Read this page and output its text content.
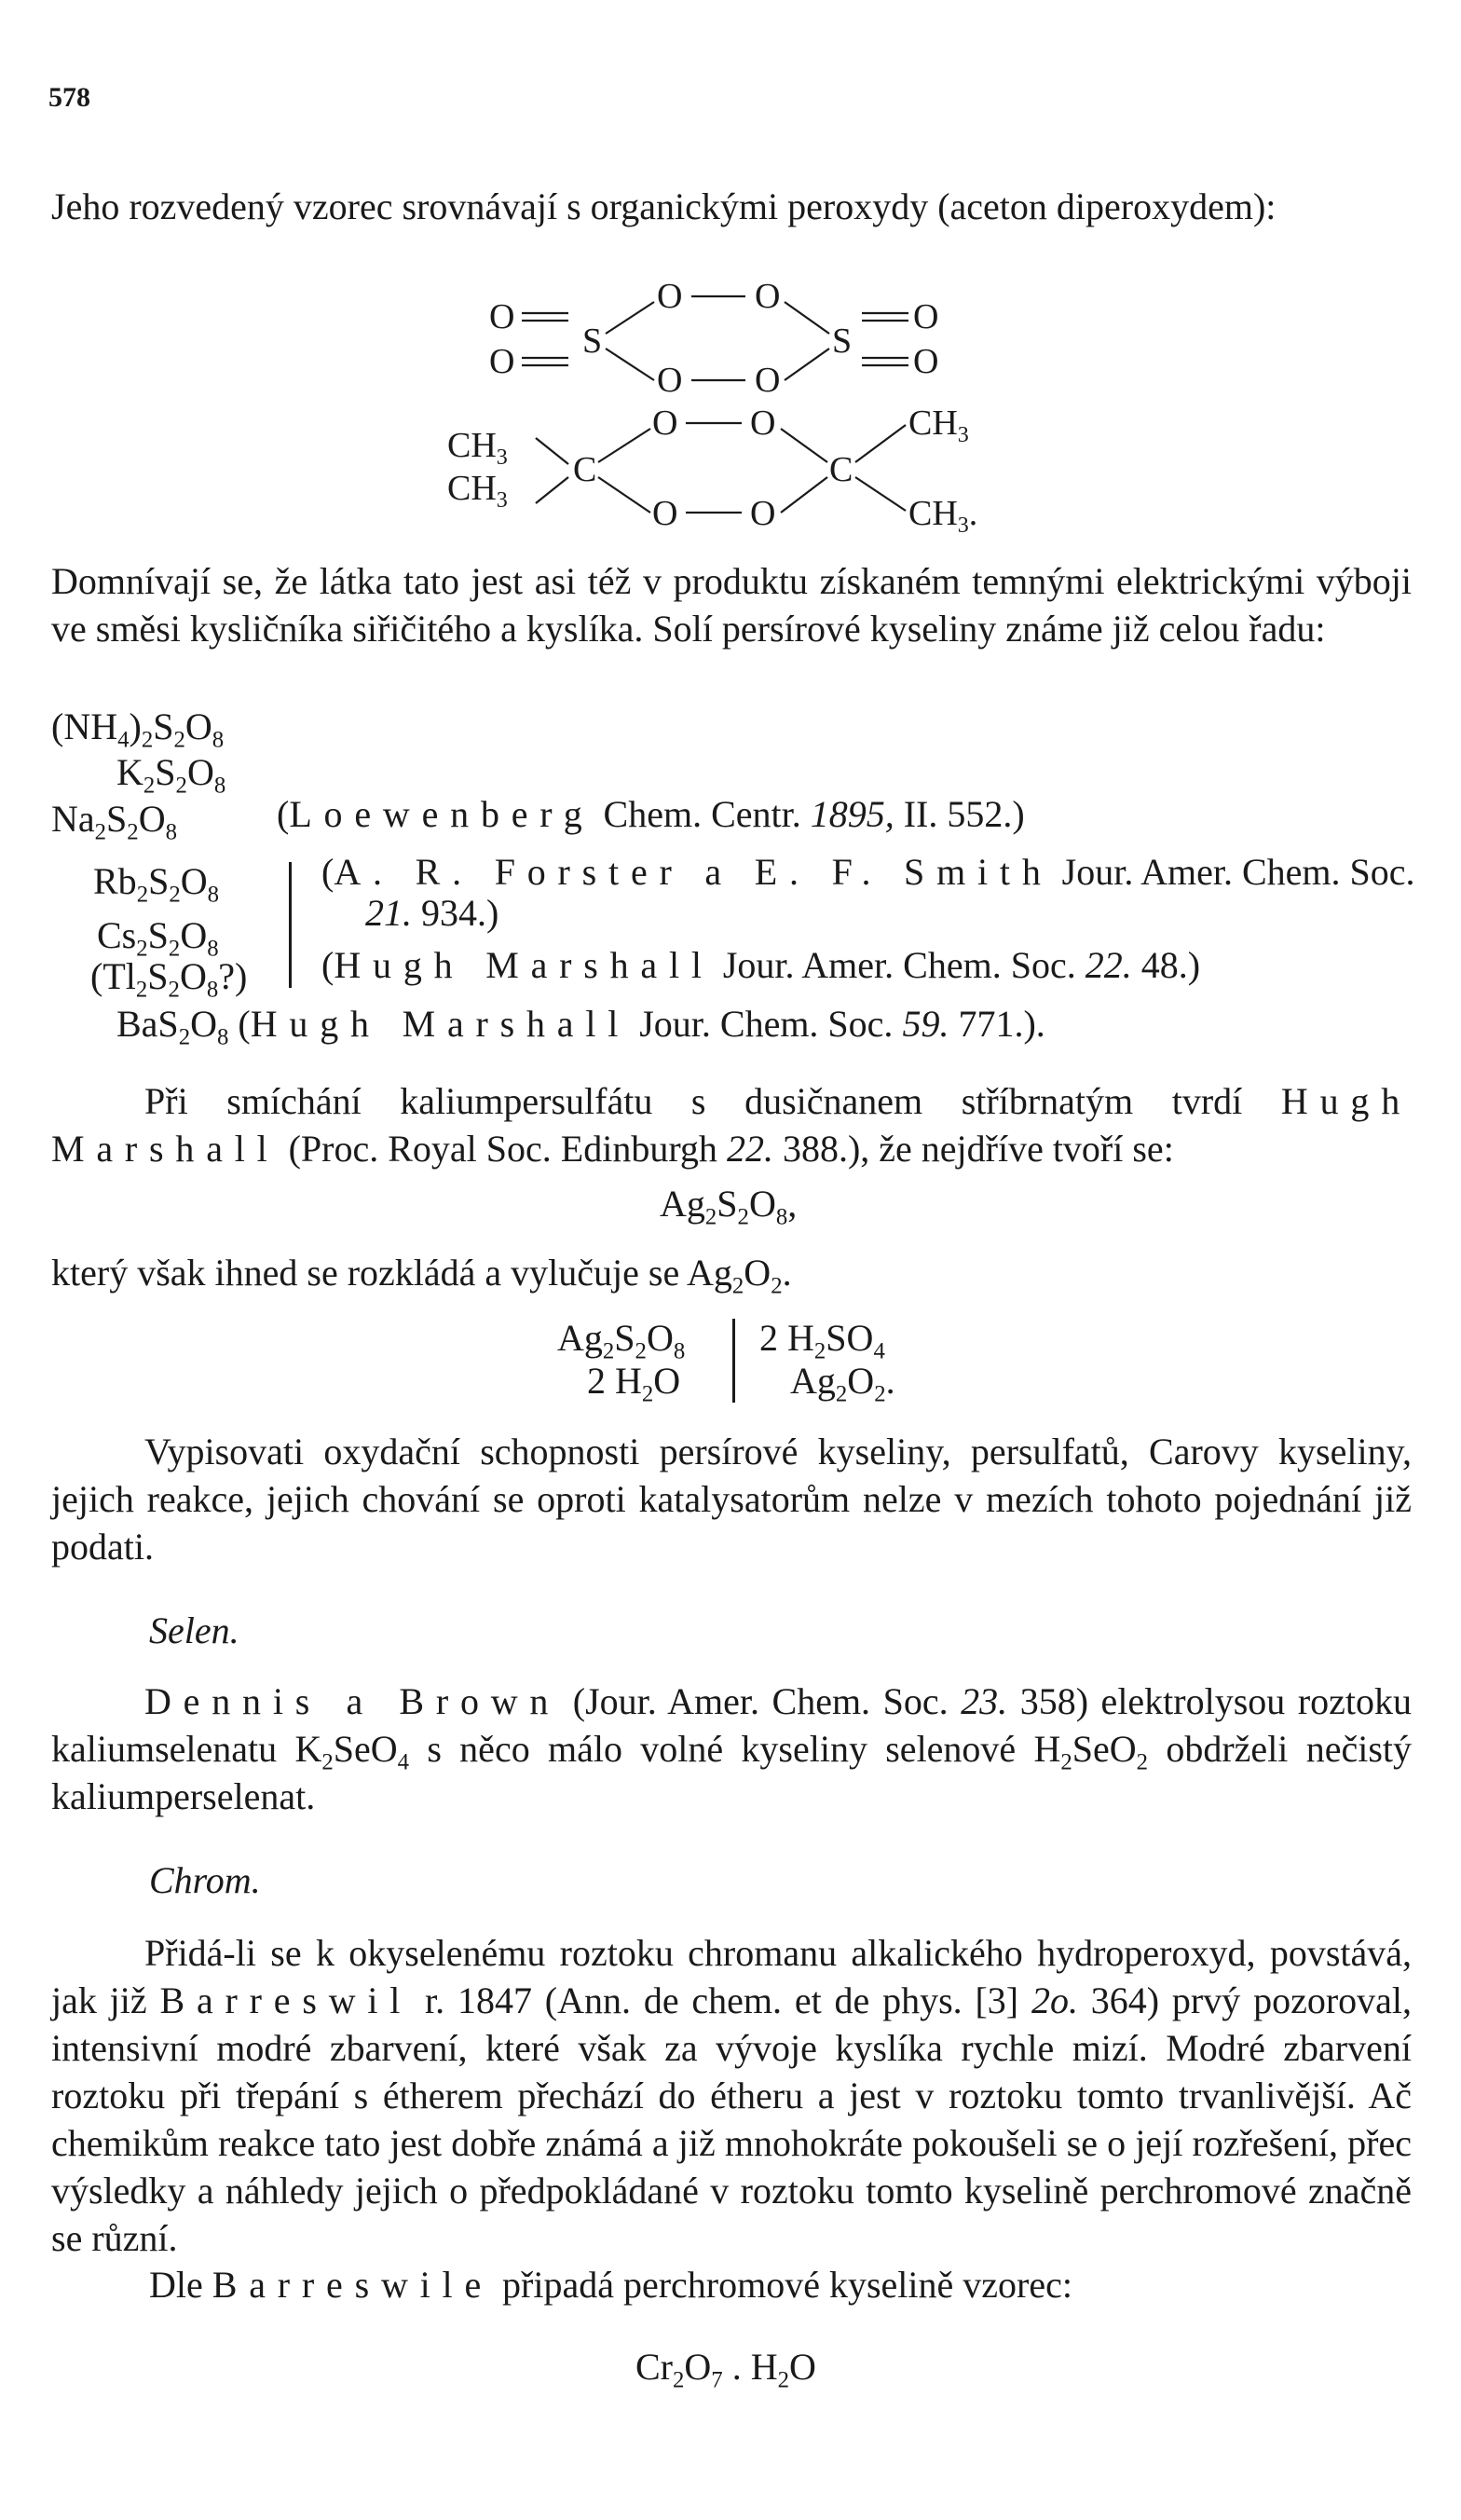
578
Jeho rozvedený vzorec srovnávají s organickými peroxydy (aceton diperoxydem):
O
O
S
O O
O O
S
O
O
$CH_3$
$CH_3$
C
O O
O O
C
$CH_3$
$CH_3$.
Domnívají se, že látka tato jest asi též v produktu získaném temnými elektrickými výboji ve směsi kysličníka siřičitého a kyslíka. Solí persírové kyseliny známe již celou řadu:
$(NH_4)_2S_2O_8$
$K_2S_2O_8$
$Na_2S_2O_8$	(Loewenberg Chem. Centr. 1895, II. 552.)
$Rb_2S_2O_8$
$Cs_2S_2O_8$
$(Tl_2S_2O_8?)$
(A. R. Forster a E. F. Smith Jour. Amer. Chem. Soc.
21. 934.)
(Hugh Marshall Jour. Amer. Chem. Soc. 22. 48.)
$BaS_2O_8$ (Hugh Marshall Jour. Chem. Soc. 59. 771.).
Při smíchání kaliumpersulfátu s dusičnanem stříbrnatým tvrdí Hugh Marshall (Proc. Royal Soc. Edinburgh 22. 388.), že nejdříve tvoří se:
$Ag_2S_2O_8$,
který však ihned se rozkládá a vylučuje se $Ag_2O_2$.
$Ag_2S_2O_8$
2 $H_2O$
2 $H_2SO_4$
$Ag_2O_2$.
Vypisovati oxydační schopnosti persírové kyseliny, persulfatů, Carovy kyseliny, jejich reakce, jejich chování se oproti katalysatorům nelze v mezích tohoto pojednání již podati.
Selen.
Dennis a Brown (Jour. Amer. Chem. Soc. 23. 358) elektrolysou roztoku kaliumselenatu $K_2SeO_4$ s něco málo volné kyseliny selenové $H_2SeO_2$ obdrželi nečistý kaliumperselenat.
Chrom.
Přidá-li se k okyselenému roztoku chromanu alkalického hydroperoxyd, povstává, jak již Barreswil r. 1847 (Ann. de chem. et de phys. [3] 2o. 364) prvý pozoroval, intensivní modré zbarvení, které však za vývoje kyslíka rychle mizí. Modré zbarvení roztoku při třepání s étherem přechází do étheru a jest v roztoku tomto trvanlivější. Ač chemikům reakce tato jest dobře známá a již mnohokráte pokoušeli se o její rozřešení, přec výsledky a náhledy jejich o předpokládané v roztoku tomto kyselině perchromové značně se různí.
Dle Barreswile připadá perchromové kyselině vzorec:
$Cr_2O_7$ . $H_2O$
